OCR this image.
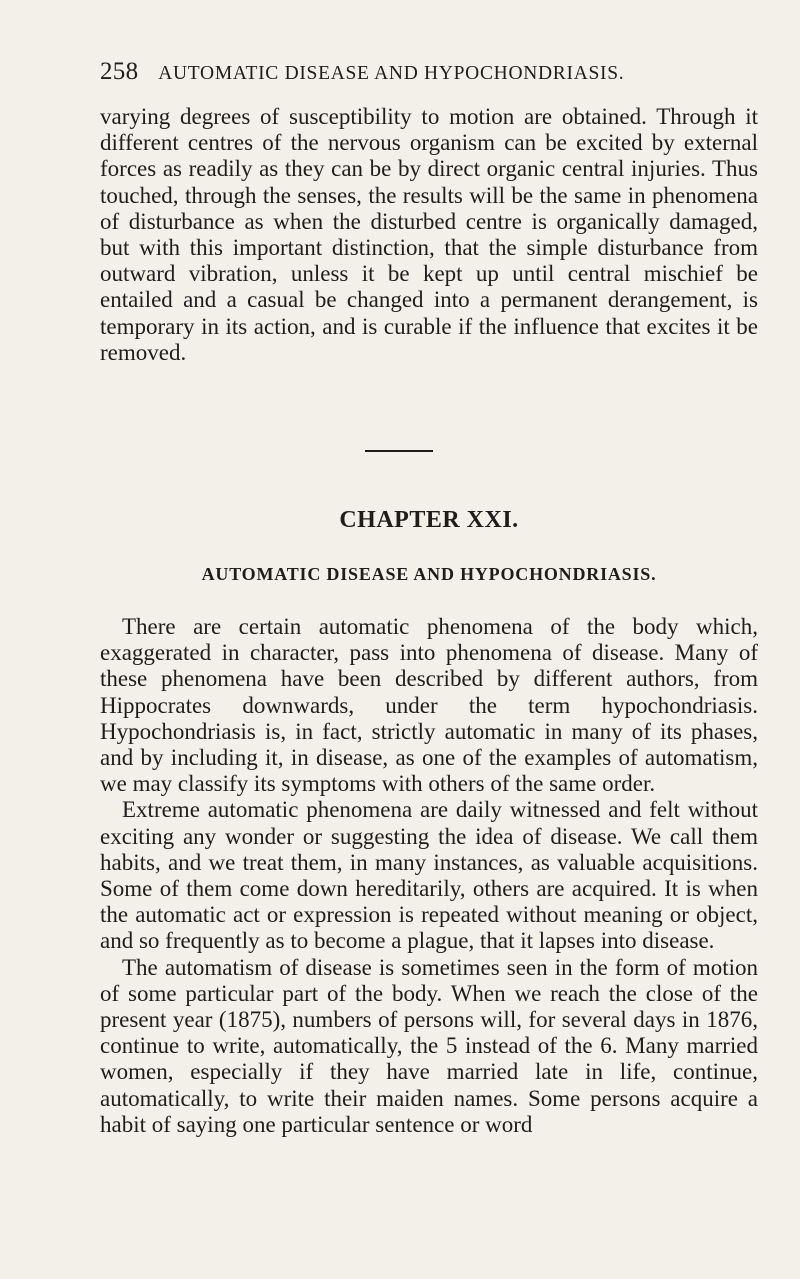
258 AUTOMATIC DISEASE AND HYPOCHONDRIASIS.

varying degrees of susceptibility to motion are obtained. Through it different centres of the nervous organism can be excited by external forces as readily as they can be by direct organic central injuries. Thus touched, through the senses, the results will be the same in phenomena of disturbance as when the disturbed centre is organically damaged, but with this important distinction, that the simple disturbance from outward vibration, unless it be kept up until central mischief be entailed and a casual be changed into a permanent derangement, is temporary in its action, and is curable if the influence that excites it be removed.

CHAPTER XXI.
AUTOMATIC DISEASE AND HYPOCHONDRIASIS.

There are certain automatic phenomena of the body which, exaggerated in character, pass into phenomena of disease. Many of these phenomena have been described by different authors, from Hippocrates downwards, under the term hypochondriasis. Hypochondriasis is, in fact, strictly automatic in many of its phases, and by including it, in disease, as one of the examples of automatism, we may classify its symptoms with others of the same order.

Extreme automatic phenomena are daily witnessed and felt without exciting any wonder or suggesting the idea of disease. We call them habits, and we treat them, in many instances, as valuable acquisitions. Some of them come down hereditarily, others are acquired. It is when the automatic act or expression is repeated without meaning or object, and so frequently as to become a plague, that it lapses into disease.

The automatism of disease is sometimes seen in the form of motion of some particular part of the body. When we reach the close of the present year (1875), numbers of persons will, for several days in 1876, continue to write, automatically, the 5 instead of the 6. Many married women, especially if they have married late in life, continue, automatically, to write their maiden names. Some persons acquire a habit of saying one particular sentence or word
